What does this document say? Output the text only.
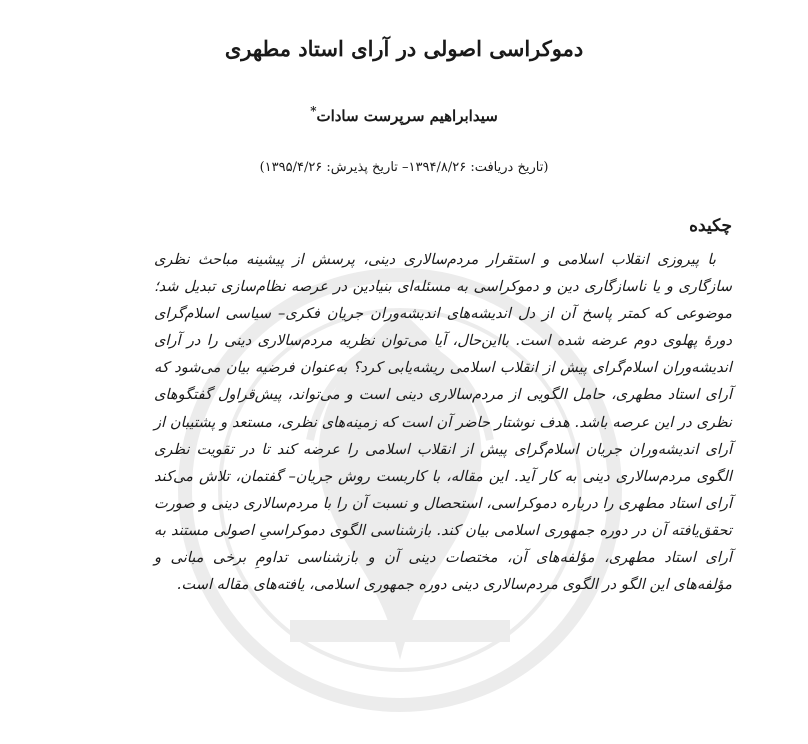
دموکراسی اصولی در آرای استاد مطهری

سیدابراهیم سرپرست سادات*

(تاریخ دریافت: ۱۳۹۴/۸/۲۶– تاریخ پذیرش: ۱۳۹۵/۴/۲۶)

چکیده

با پیروزی انقلاب اسلامی و استقرار مردم‌سالاری دینی، پرسش از پیشینه مباحث نظری سازگاری و یا ناسازگاری دین و دموکراسی به مسئله‌ای بنیادین در عرصه نظام‌سازی تبدیل شد؛ موضوعی که کمتر پاسخ آن از دل اندیشه‌های اندیشه‌وران جریان فکری– سیاسی اسلام‌گرای دورهٔ پهلوی دوم عرضه شده است. بااین‌حال، آیا می‌توان نظریه مردم‌سالاری دینی را در آرای اندیشه‌وران اسلام‌گرای پیش از انقلاب اسلامی ریشه‌یابی کرد؟ به‌عنوان فرضیه بیان می‌شود که آرای استاد مطهری، حامل الگویی از مردم‌سالاری دینی است و می‌تواند، پیش‌قراول گفتگوهای نظری در این عرصه باشد. هدف نوشتار حاضر آن است که زمینه‌های نظری، مستعد و پشتیبان از آرای اندیشه‌وران جریان اسلام‌گرای پیش از انقلاب اسلامی را عرضه کند تا در تقویت نظری الگوی مردم‌سالاری دینی به کار آید. این مقاله، با کاربست روش جریان– گفتمان، تلاش می‌کند آرای استاد مطهری را درباره دموکراسی، استحصال و نسبت آن را با مردم‌سالاری دینی و صورت تحقق‌یافته آن در دوره جمهوری اسلامی بیان کند. بازشناسی الگوی دموکراسیِ اصولی مستند به آرای استاد مطهری، مؤلفه‌های آن، مختصات دینی آن و بازشناسی تداومِ برخی مبانی و مؤلفه‌های این الگو در الگوی مردم‌سالاری دینی دوره جمهوری اسلامی، یافته‌های مقاله است.
